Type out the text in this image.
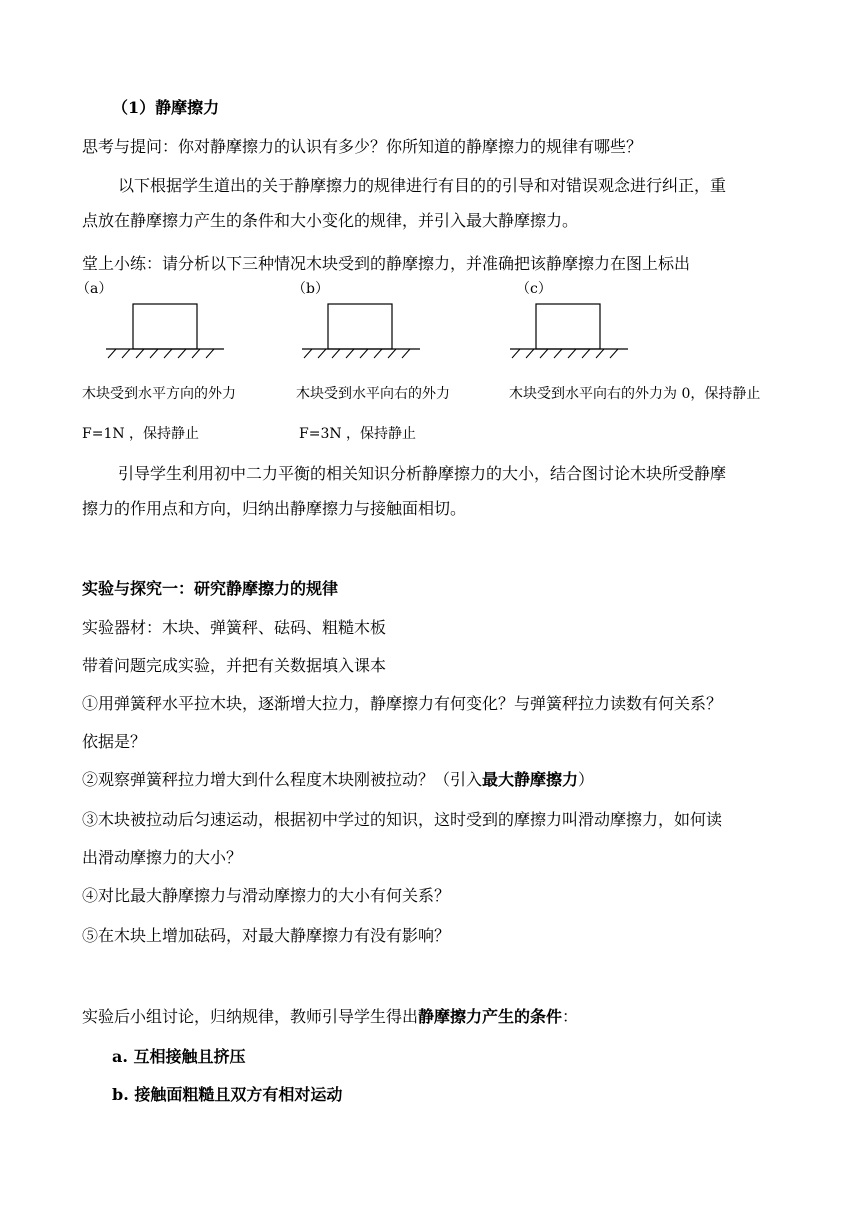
（1）静摩擦力
思考与提问：你对静摩擦力的认识有多少？你所知道的静摩擦力的规律有哪些？
以下根据学生道出的关于静摩擦力的规律进行有目的的引导和对错误观念进行纠正，重
点放在静摩擦力产生的条件和大小变化的规律，并引入最大静摩擦力。
堂上小练：请分析以下三种情况木块受到的静摩擦力，并准确把该静摩擦力在图上标出
（a）	（b）	（c）
木块受到水平方向的外力
F=1N ，保持静止
木块受到水平向右的外力
F=3N ，保持静止
木块受到水平向右的外力为 0，保持静止
引导学生利用初中二力平衡的相关知识分析静摩擦力的大小，结合图讨论木块所受静摩
擦力的作用点和方向，归纳出静摩擦力与接触面相切。
实验与探究一：研究静摩擦力的规律
实验器材：木块、弹簧秤、砝码、粗糙木板
带着问题完成实验，并把有关数据填入课本
①用弹簧秤水平拉木块，逐渐增大拉力，静摩擦力有何变化？与弹簧秤拉力读数有何关系？
依据是？
②观察弹簧秤拉力增大到什么程度木块刚被拉动？（引入最大静摩擦力）
③木块被拉动后匀速运动，根据初中学过的知识，这时受到的摩擦力叫滑动摩擦力，如何读
出滑动摩擦力的大小？
④对比最大静摩擦力与滑动摩擦力的大小有何关系？
⑤在木块上增加砝码，对最大静摩擦力有没有影响？
实验后小组讨论，归纳规律，教师引导学生得出静摩擦力产生的条件：
a. 互相接触且挤压
b. 接触面粗糙且双方有相对运动
